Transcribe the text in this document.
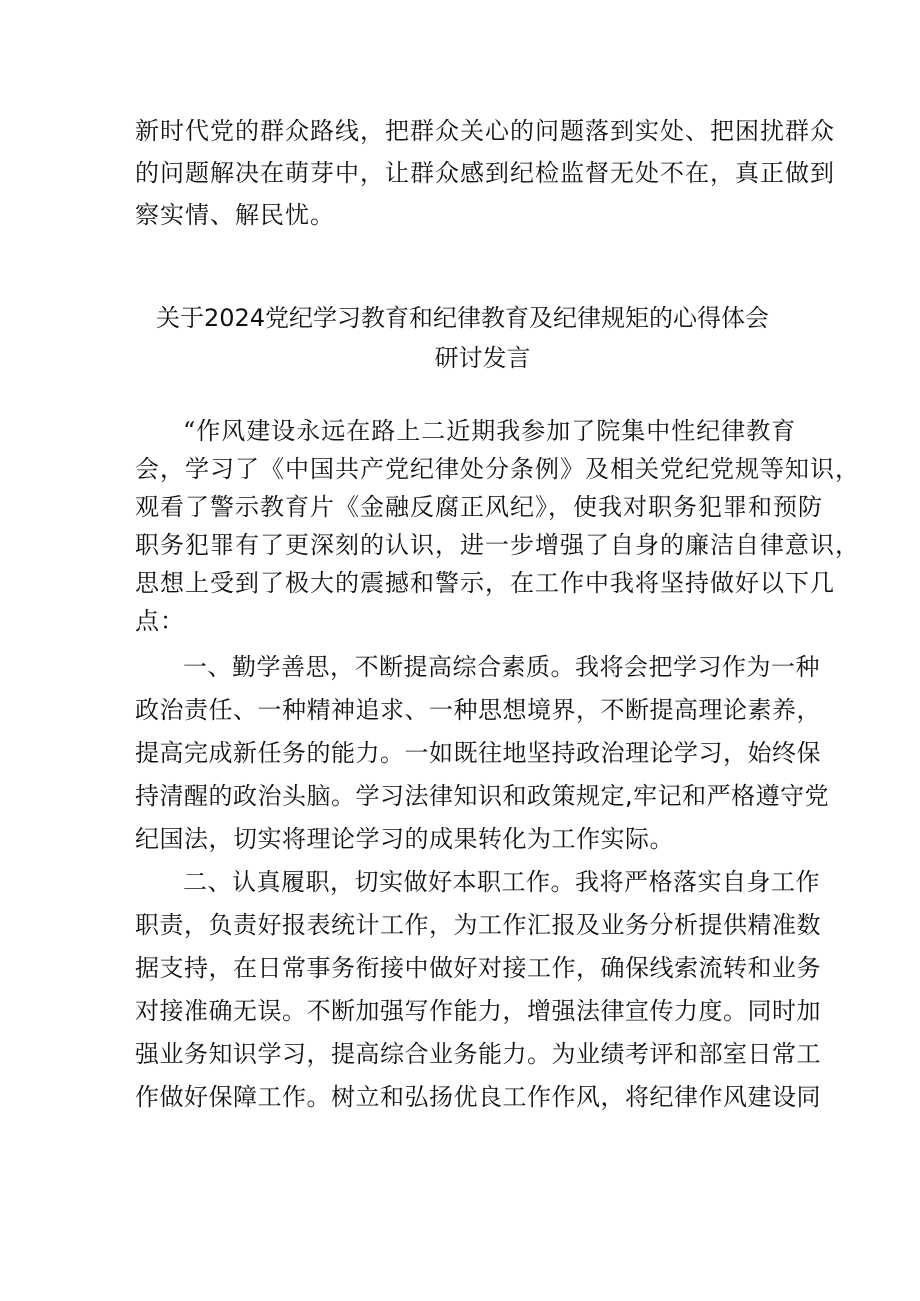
新时代党的群众路线，把群众关心的问题落到实处、把困扰群众
的问题解决在萌芽中，让群众感到纪检监督无处不在，真正做到
察实情、解民忧。
关于2024党纪学习教育和纪律教育及纪律规矩的心得体会
研讨发言
“作风建设永远在路上二近期我参加了院集中性纪律教育
会，学习了《中国共产党纪律处分条例》及相关党纪党规等知识，
观看了警示教育片《金融反腐正风纪》，使我对职务犯罪和预防
职务犯罪有了更深刻的认识，进一步增强了自身的廉洁自律意识，
思想上受到了极大的震撼和警示，在工作中我将坚持做好以下几
点：
一、勤学善思，不断提高综合素质。我将会把学习作为一种
政治责任、一种精神追求、一种思想境界，不断提高理论素养，
提高完成新任务的能力。一如既往地坚持政治理论学习，始终保
持清醒的政治头脑。学习法律知识和政策规定,牢记和严格遵守党
纪国法，切实将理论学习的成果转化为工作实际。
二、认真履职，切实做好本职工作。我将严格落实自身工作
职责，负责好报表统计工作，为工作汇报及业务分析提供精准数
据支持，在日常事务衔接中做好对接工作，确保线索流转和业务
对接准确无误。不断加强写作能力，增强法律宣传力度。同时加
强业务知识学习，提高综合业务能力。为业绩考评和部室日常工
作做好保障工作。树立和弘扬优良工作作风，将纪律作风建设同
